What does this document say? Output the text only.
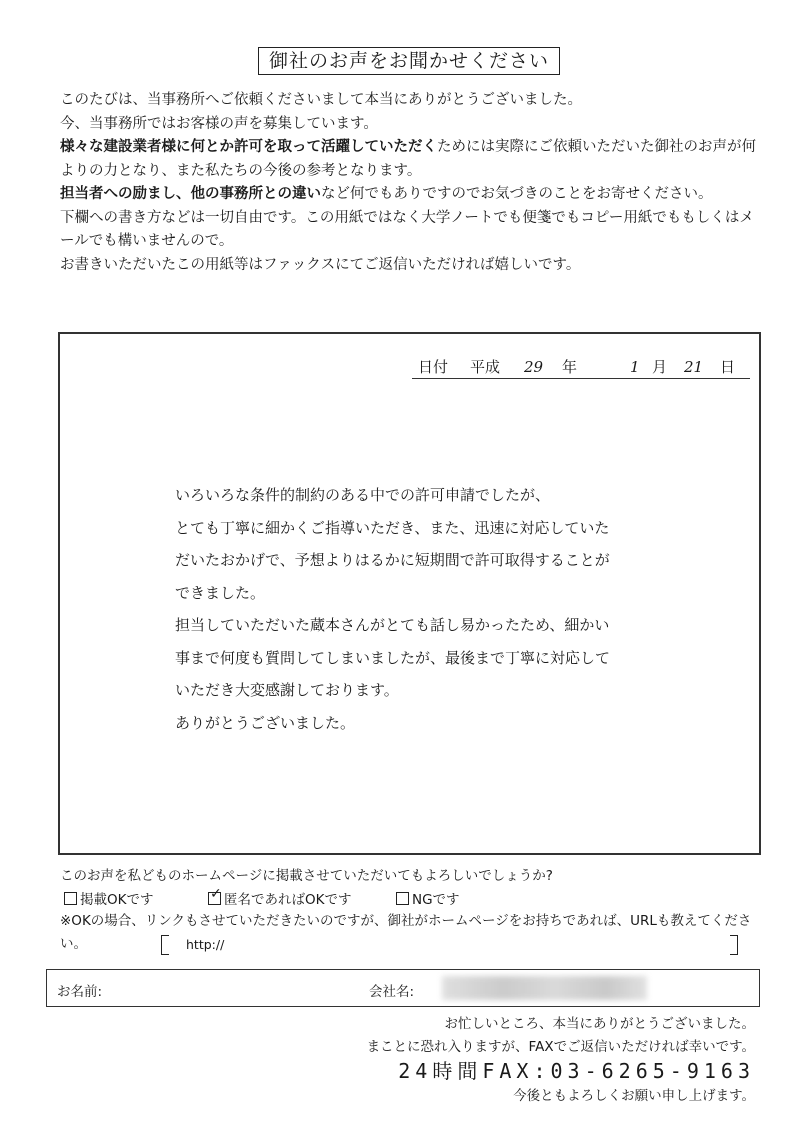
御社のお声をお聞かせください

このたびは、当事務所へご依頼くださいまして本当にありがとうございました。

今、当事務所ではお客様の声を募集しています。

様々な建設業者様に何とか許可を取って活躍していただくためには実際にご依頼いただいた御社のお声が何よりの力となり、また私たちの今後の参考となります。

担当者への励まし、他の事務所との違いなど何でもありですのでお気づきのことをお寄せください。

下欄への書き方などは一切自由です。この用紙ではなく大学ノートでも便箋でもコピー用紙でももしくはメールでも構いませんので。

お書きいただいたこの用紙等はファックスにてご返信いただければ嬉しいです。

日付 平成 29 年	1 月 21 日

いろいろな条件的制約のある中での許可申請でしたが、

とても丁寧に細かくご指導いただき、また、迅速に対応していた

だいたおかげで、予想よりはるかに短期間で許可取得することが

できました。

担当していただいた蔵本さんがとても話し易かったため、細かい

事まで何度も質問してしまいましたが、最後まで丁寧に対応して

いただき大変感謝しております。

ありがとうございました。

このお声を私どものホームページに掲載させていただいてもよろしいでしょうか?
掲載OKです	✓ 匿名であればOKです	NGです
※OKの場合、リンクもさせていただきたいのですが、御社がホームページをお持ちであれば、URLも教えてください。	http://
お名前:	会社名:
お忙しいところ、本当にありがとうございました。
まことに恐れ入りますが、FAXでご返信いただければ幸いです。
24時間FAX:03-6265-9163
今後ともよろしくお願い申し上げます。
